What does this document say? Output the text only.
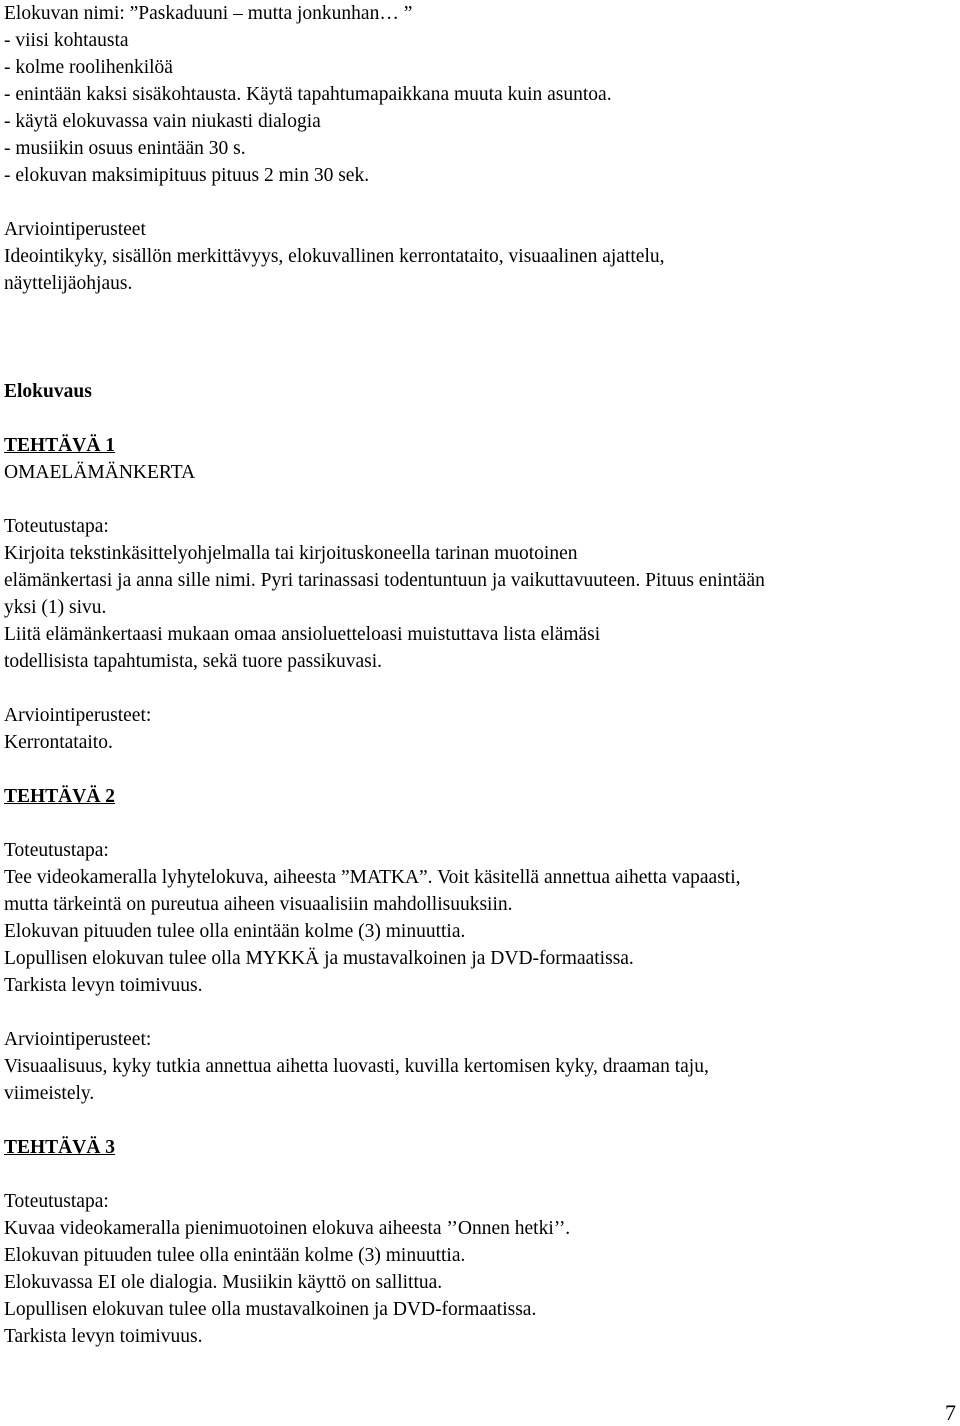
Elokuvan nimi: ”Paskaduuni – mutta jonkunhan… ”
- viisi kohtausta
- kolme roolihenkilöä
- enintään kaksi sisäkohtausta. Käytä tapahtumapaikkana muuta kuin asuntoa.
- käytä elokuvassa vain niukasti dialogia
- musiikin osuus enintään 30 s.
- elokuvan maksimipituus pituus 2 min 30 sek.
Arviointiperusteet
Ideointikyky, sisällön merkittävyys, elokuvallinen kerrontataito, visuaalinen ajattelu,
näyttelijäohjaus.
Elokuvaus
TEHTÄVÄ 1
OMAELÄMÄNKERTA
Toteutustapa:
Kirjoita tekstinkäsittelyohjelmalla tai kirjoituskoneella tarinan muotoinen
elämänkertasi ja anna sille nimi. Pyri tarinassasi todentuntuun ja vaikuttavuuteen. Pituus enintään
yksi (1) sivu.
Liitä elämänkertaasi mukaan omaa ansioluetteloasi muistuttava lista elämäsi
todellisista tapahtumista, sekä tuore passikuvasi.
Arviointiperusteet:
Kerrontataito.
TEHTÄVÄ 2
Toteutustapa:
Tee videokameralla lyhytelokuva, aiheesta ”MATKA”. Voit käsitellä annettua aihetta vapaasti,
mutta tärkeintä on pureutua aiheen visuaalisiin mahdollisuuksiin.
Elokuvan pituuden tulee olla enintään kolme (3) minuuttia.
Lopullisen elokuvan tulee olla MYKKÄ ja mustavalkoinen ja DVD-formaatissa.
Tarkista levyn toimivuus.
Arviointiperusteet:
Visuaalisuus, kyky tutkia annettua aihetta luovasti, kuvilla kertomisen kyky, draaman taju,
viimeistely.
TEHTÄVÄ 3
Toteutustapa:
Kuvaa videokameralla pienimuotoinen elokuva aiheesta ’’Onnen hetki’’.
Elokuvan pituuden tulee olla enintään kolme (3) minuuttia.
Elokuvassa EI ole dialogia. Musiikin käyttö on sallittua.
Lopullisen elokuvan tulee olla mustavalkoinen ja DVD-formaatissa.
Tarkista levyn toimivuus.
7
